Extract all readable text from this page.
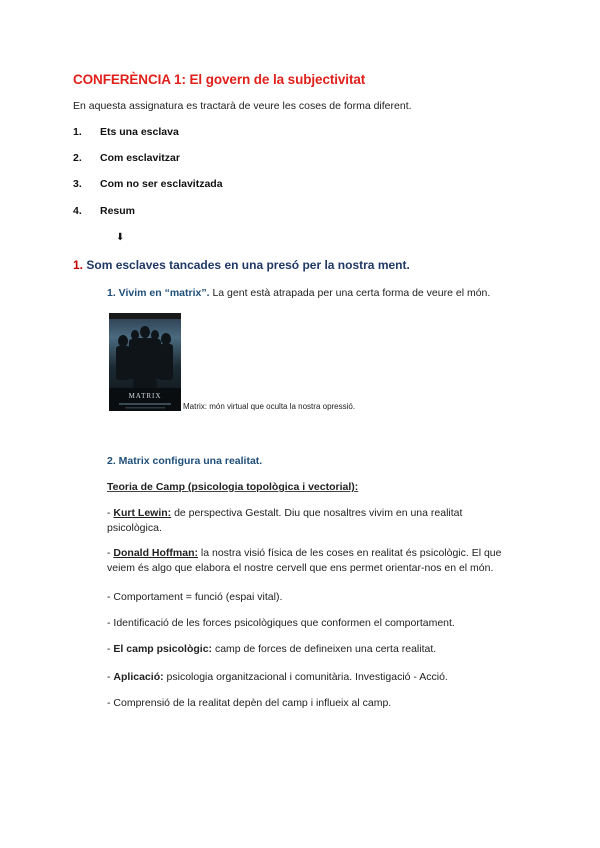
CONFERÈNCIA 1: El govern de la subjectivitat
En aquesta assignatura es tractarà de veure les coses de forma diferent.
1. Ets una esclava
2. Com esclavitzar
3. Com no ser esclavitzada
4. Resum
⬇
1. Som esclaves tancades en una presó per la nostra ment.
1. Vivim en “matrix”. La gent està atrapada per una certa forma de veure el món.
MATRIX
Matrix: món virtual que oculta la nostra opressió.
2. Matrix configura una realitat.
Teoria de Camp (psicologia topològica i vectorial):
- Kurt Lewin: de perspectiva Gestalt. Diu que nosaltres vivim en una realitat psicològica.
- Donald Hoffman: la nostra visió física de les coses en realitat és psicològic. El que veiem és algo que elabora el nostre cervell que ens permet orientar-nos en el món.
- Comportament = funció (espai vital).
- Identificació de les forces psicològiques que conformen el comportament.
- El camp psicològic: camp de forces de defineixen una certa realitat.
- Aplicació: psicologia organitzacional i comunitària. Investigació - Acció.
- Comprensió de la realitat depèn del camp i influeix al camp.
